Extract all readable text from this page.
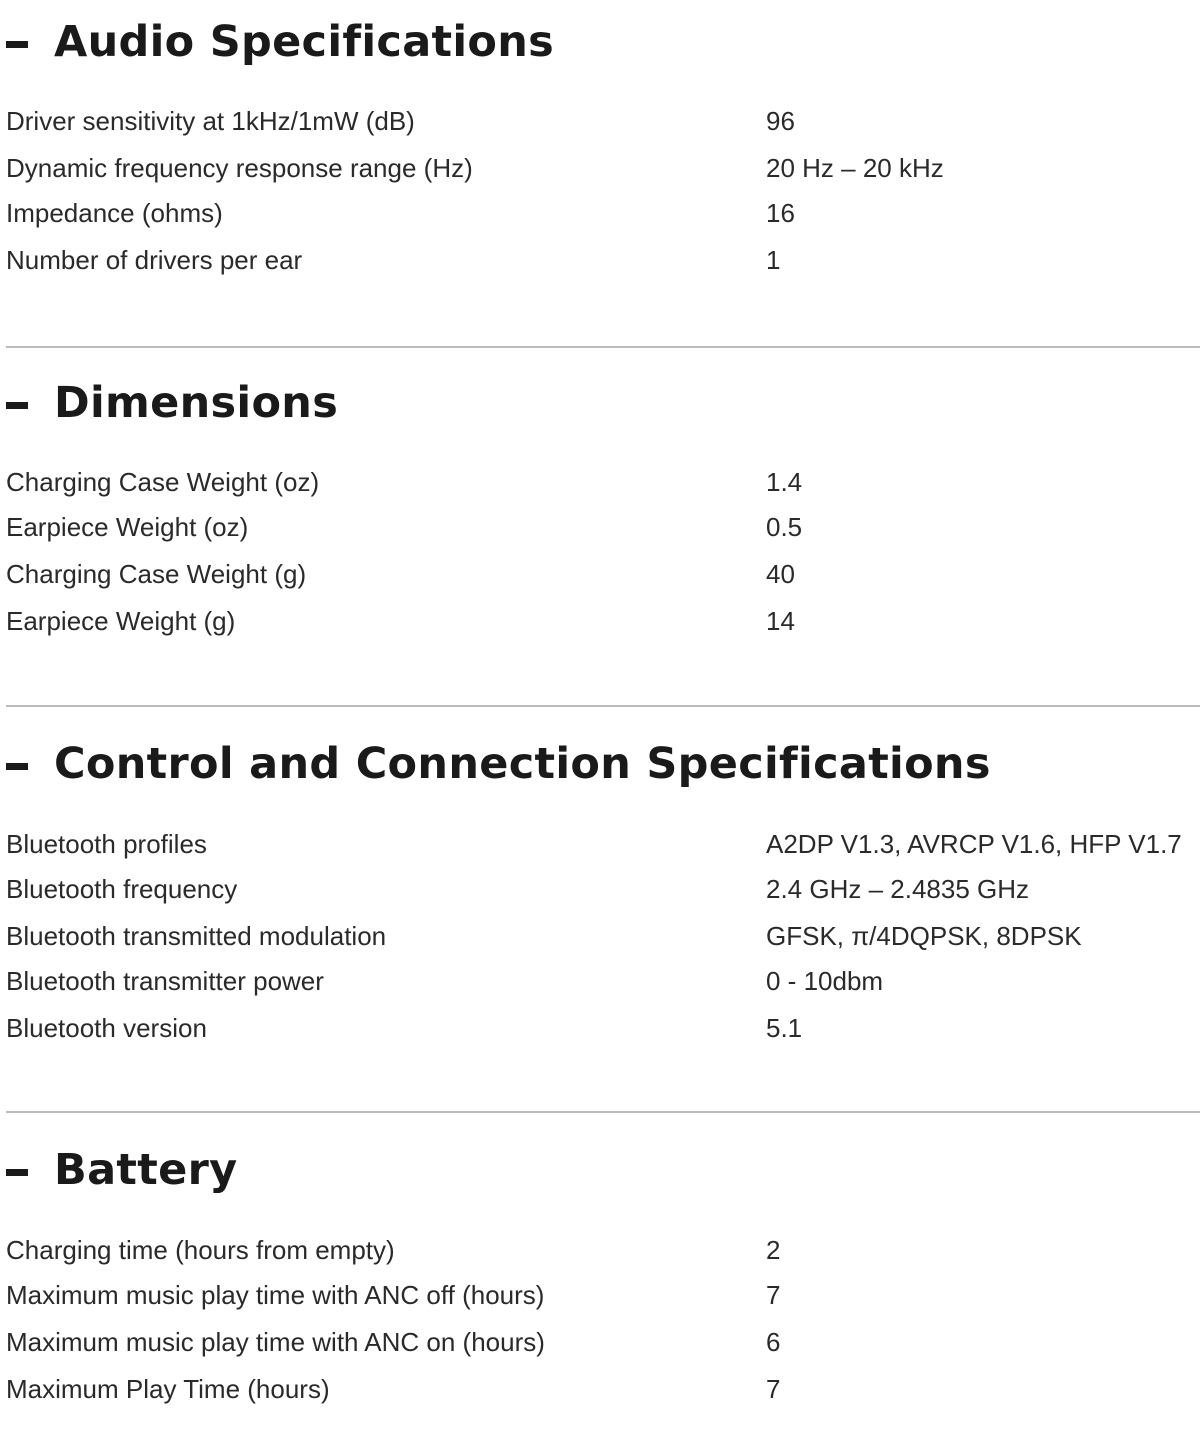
Audio Specifications
Driver sensitivity at 1kHz/1mW (dB)	96
Dynamic frequency response range (Hz)	20 Hz – 20 kHz
Impedance (ohms)	16
Number of drivers per ear	1
Dimensions
Charging Case Weight (oz)	1.4
Earpiece Weight (oz)	0.5
Charging Case Weight (g)	40
Earpiece Weight (g)	14
Control and Connection Specifications
Bluetooth profiles	A2DP V1.3, AVRCP V1.6, HFP V1.7
Bluetooth frequency	2.4 GHz – 2.4835 GHz
Bluetooth transmitted modulation	GFSK, π/4DQPSK, 8DPSK
Bluetooth transmitter power	0 - 10dbm
Bluetooth version	5.1
Battery
Charging time (hours from empty)	2
Maximum music play time with ANC off (hours)	7
Maximum music play time with ANC on (hours)	6
Maximum Play Time (hours)	7
